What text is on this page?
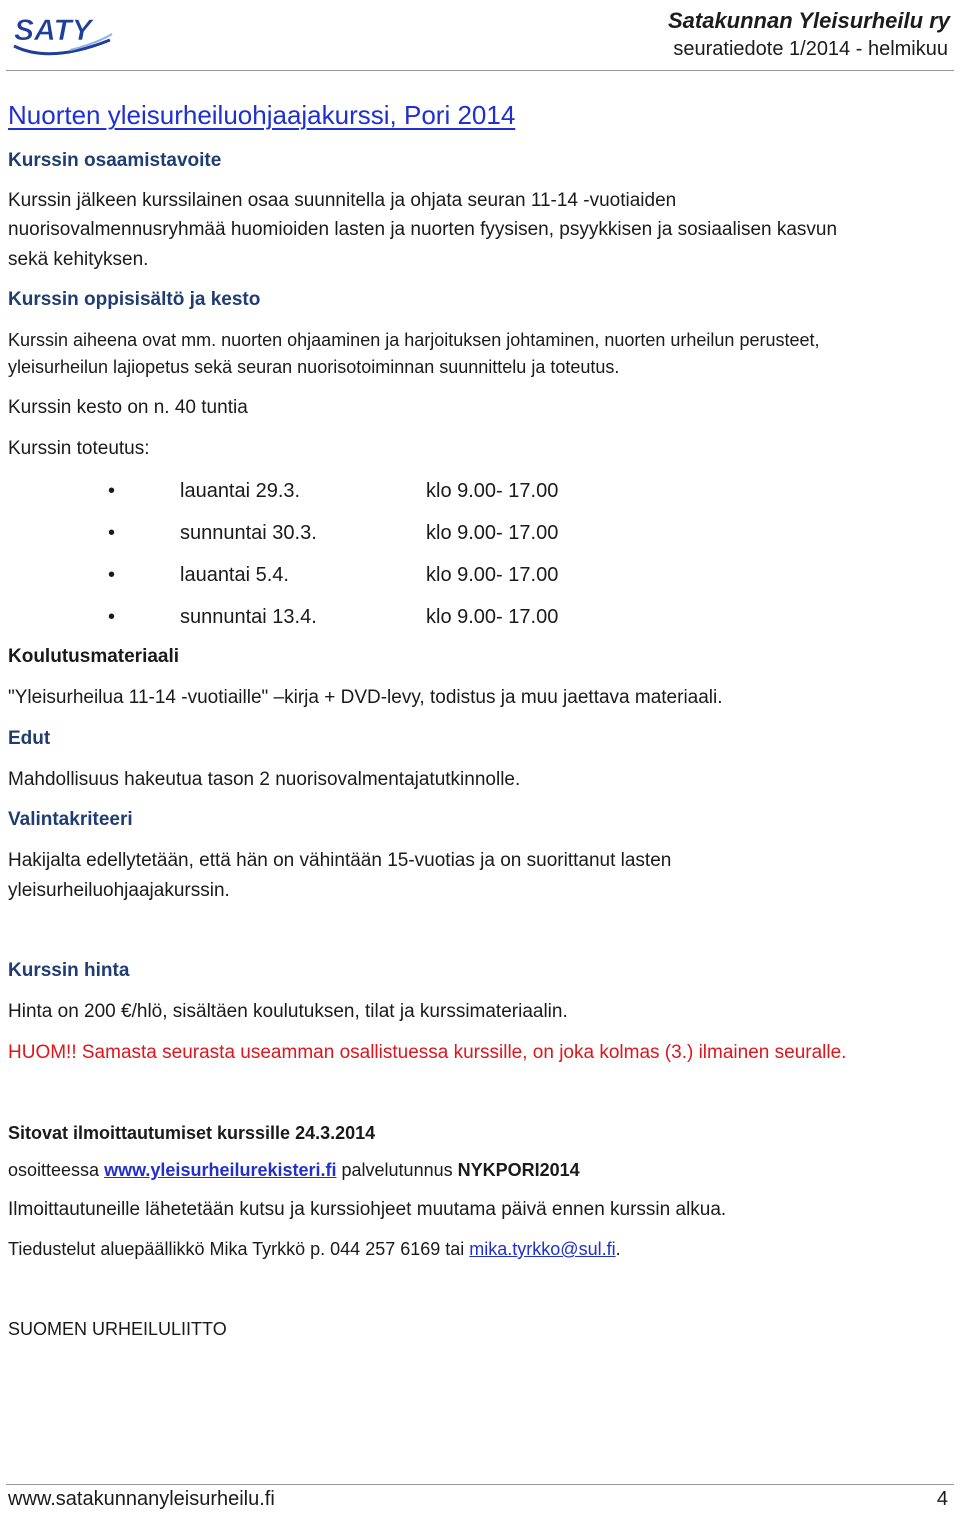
SATY	Satakunnan Yleisurheilu ry
seuratiedote 1/2014 - helmikuu
Nuorten yleisurheiluohjaajakurssi, Pori 2014
Kurssin osaamistavoite
Kurssin jälkeen kurssilainen osaa suunnitella ja ohjata seuran 11-14 -vuotiaiden
nuorisovalmennusryhmää huomioiden lasten ja nuorten fyysisen, psyykkisen ja sosiaalisen kasvun
sekä kehityksen.
Kurssin oppisisältö ja kesto
Kurssin aiheena ovat mm. nuorten ohjaaminen ja harjoituksen johtaminen, nuorten urheilun perusteet,
yleisurheilun lajiopetus sekä seuran nuorisotoiminnan suunnittelu ja toteutus.
Kurssin kesto on n. 40 tuntia
Kurssin toteutus:
•	lauantai 29.3.	klo 9.00- 17.00
•	sunnuntai 30.3.	klo 9.00- 17.00
•	lauantai 5.4.	klo 9.00- 17.00
•	sunnuntai 13.4.	klo 9.00- 17.00
Koulutusmateriaali
"Yleisurheilua 11-14 -vuotiaille" –kirja + DVD-levy, todistus ja muu jaettava materiaali.
Edut
Mahdollisuus hakeutua tason 2 nuorisovalmentajatutkinnolle.
Valintakriteeri
Hakijalta edellytetään, että hän on vähintään 15-vuotias ja on suorittanut lasten
yleisurheiluohjaajakurssin.
Kurssin hinta
Hinta on 200 €/hlö, sisältäen koulutuksen, tilat ja kurssimateriaalin.
HUOM!! Samasta seurasta useamman osallistuessa kurssille, on joka kolmas (3.) ilmainen seuralle.
Sitovat ilmoittautumiset kurssille 24.3.2014
osoitteessa www.yleisurheilurekisteri.fi palvelutunnus NYKPORI2014
Ilmoittautuneille lähetetään kutsu ja kurssiohjeet muutama päivä ennen kurssin alkua.
Tiedustelut aluepäällikkö Mika Tyrkkö p. 044 257 6169 tai mika.tyrkko@sul.fi.
SUOMEN URHEILULIITTO
www.satakunnanyleisurheilu.fi	4
